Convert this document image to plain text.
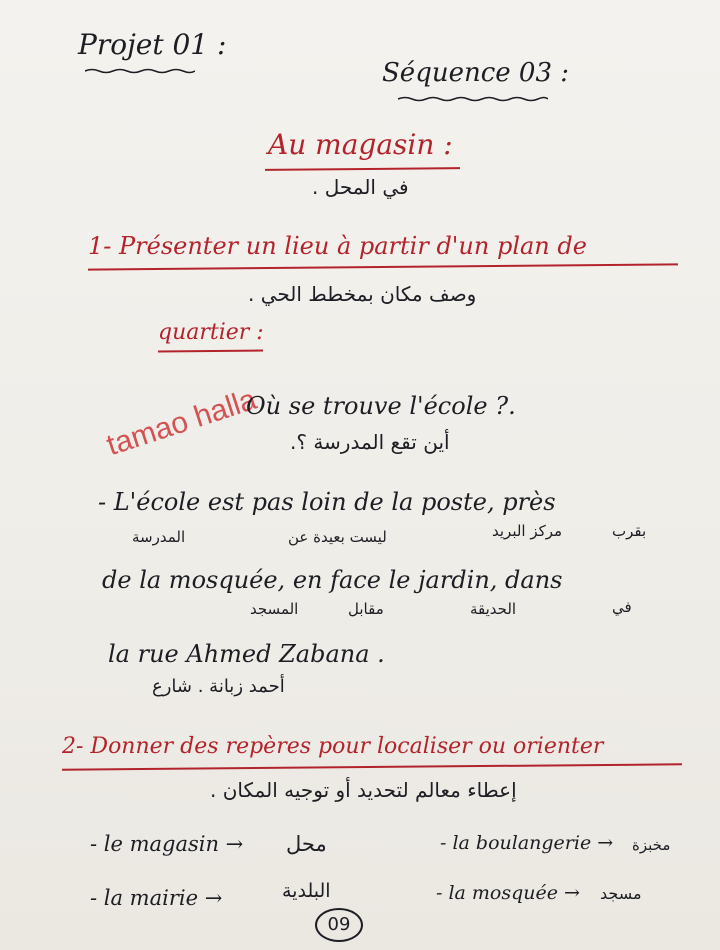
Projet 01 :
Séquence 03 :
Au magasin :
في المحل .
1- Présenter un lieu à partir d'un plan de
وصف مكان بمخطط الحي .
quartier :
tamao halla
Où se trouve l'école ?.
أين تقع المدرسة ؟.
- L'école est pas loin de la poste, près
المدرسة	ليست بعيدة عن	مركز البريد	بقرب
de la mosquée, en face le jardin, dans
المسجد	مقابل	الحديقة	في
la rue Ahmed Zabana .
أحمد زبانة . شارع
2- Donner des repères pour localiser ou orienter
إعطاء معالم لتحديد أو توجيه المكان .
- le magasin → محل	- la boulangerie → مخبزة
- la mairie →	البلدية	- la mosquée → مسجد
09
